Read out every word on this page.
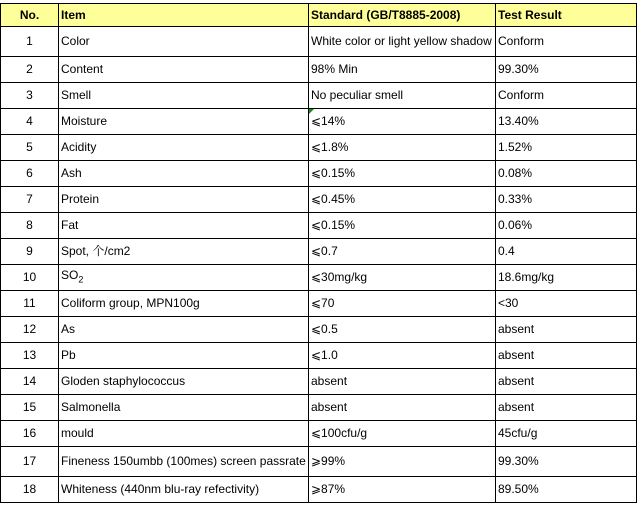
No.	Item	Standard (GB/T8885-2008)	Test Result
1	Color	White color or light yellow shadow	Conform
2	Content	98% Min	99.30%
3	Smell	No peculiar smell	Conform
4	Moisture	⩽14%	13.40%
5	Acidity	⩽1.8%	1.52%
6	Ash	⩽0.15%	0.08%
7	Protein	⩽0.45%	0.33%
8	Fat	⩽0.15%	0.06%
9	Spot, 个/cm2	⩽0.7	0.4
10	$SO_2$	⩽30mg/kg	18.6mg/kg
11	Coliform group, MPN100g	⩽70	<30
12	As	⩽0.5	absent
13	Pb	⩽1.0	absent
14	Gloden staphylococcus	absent	absent
15	Salmonella	absent	absent
16	mould	⩽100cfu/g	45cfu/g
17	Fineness 150umbb (100mes) screen passrate	⩾99%	99.30%
18	Whiteness (440nm blu-ray refectivity)	⩾87%	89.50%
